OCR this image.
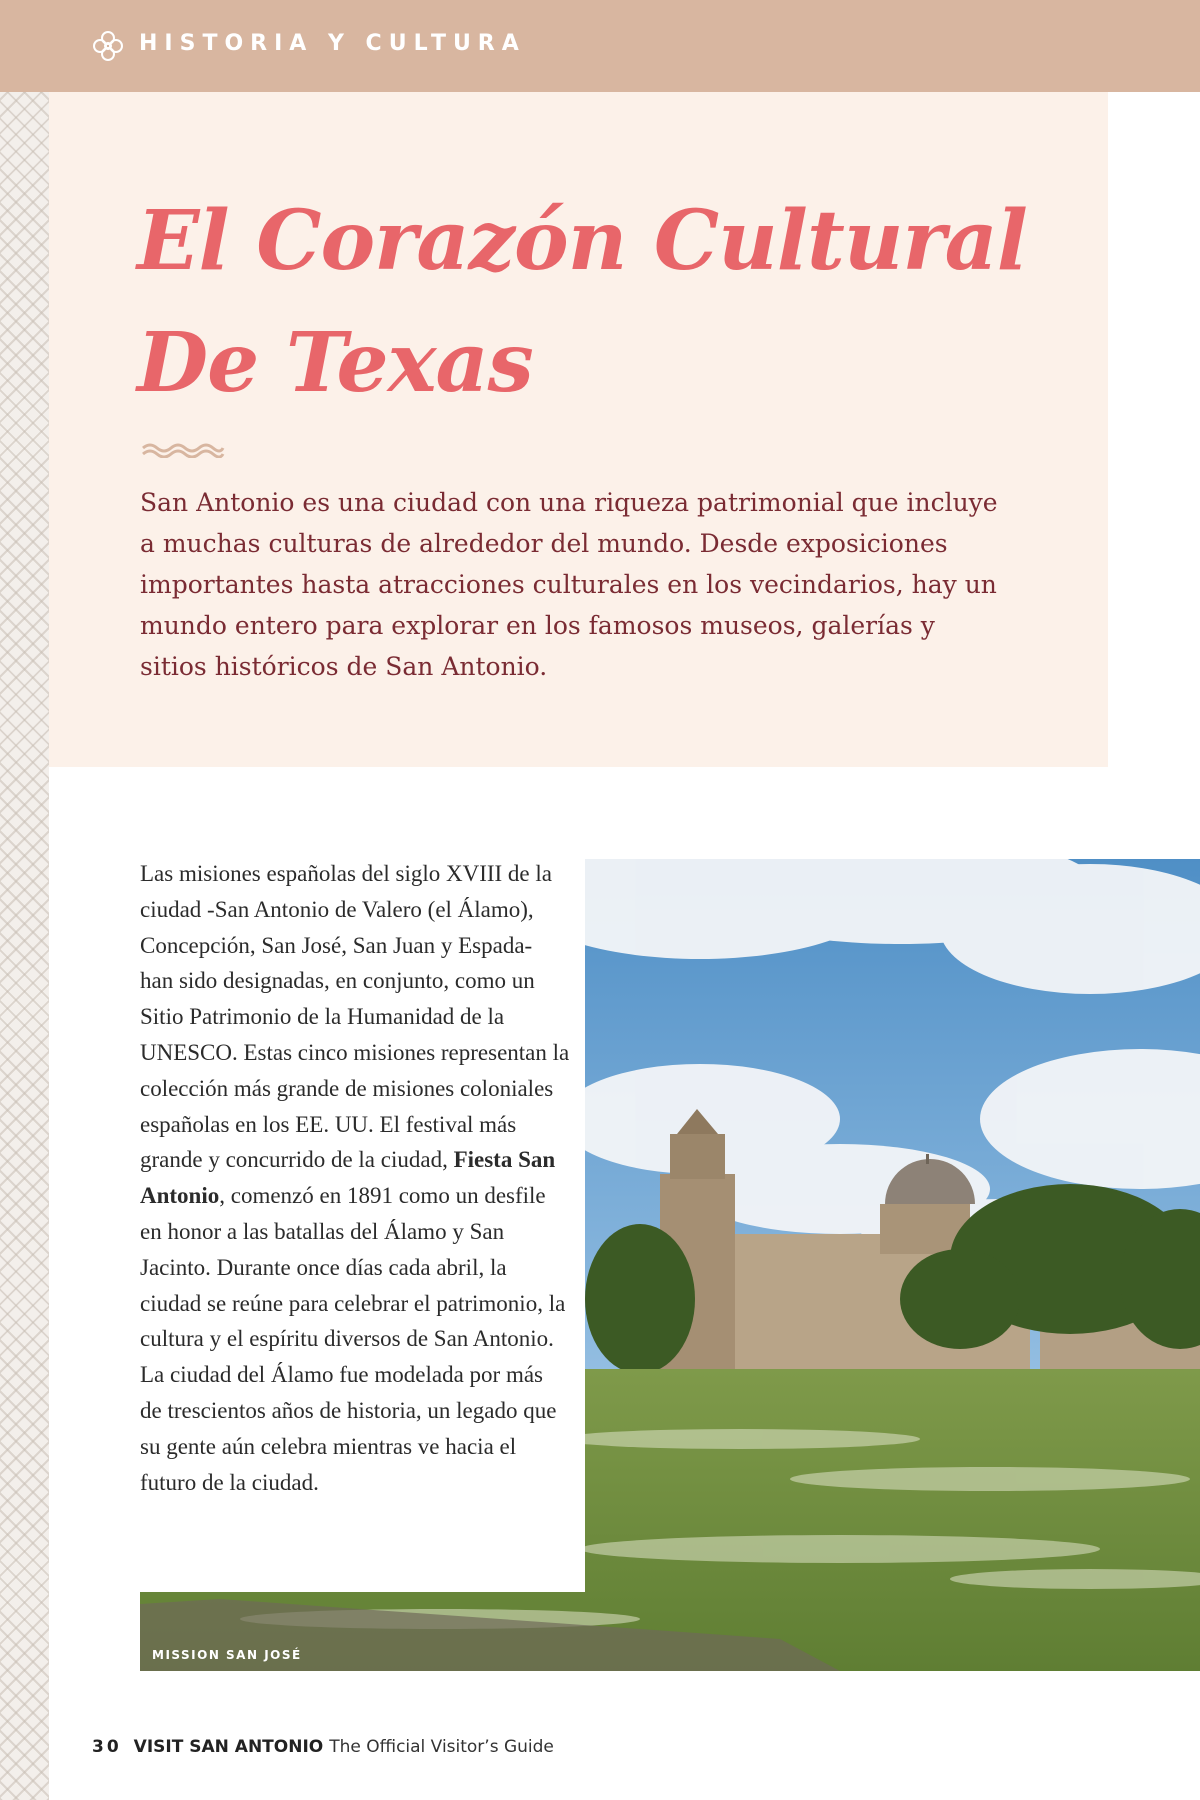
HISTORIA Y CULTURA
El Corazón Cultural
De Texas
San Antonio es una ciudad con una riqueza patrimonial que incluye a muchas culturas de alrededor del mundo. Desde exposiciones importantes hasta atracciones culturales en los vecindarios, hay un mundo entero para explorar en los famosos museos, galerías y sitios históricos de San Antonio.
Las misiones españolas del siglo XVIII de la ciudad -San Antonio de Valero (el Álamo), Concepción, San José, San Juan y Espada- han sido designadas, en conjunto, como un Sitio Patrimonio de la Humanidad de la UNESCO. Estas cinco misiones representan la colección más grande de misiones coloniales españolas en los EE. UU. El festival más grande y concurrido de la ciudad, Fiesta San Antonio, comenzó en 1891 como un desfile en honor a las batallas del Álamo y San Jacinto. Durante once días cada abril, la ciudad se reúne para celebrar el patrimonio, la cultura y el espíritu diversos de San Antonio. La ciudad del Álamo fue modelada por más de trescientos años de historia, un legado que su gente aún celebra mientras ve hacia el futuro de la ciudad.
MISSION SAN JOSÉ
30 VISIT SAN ANTONIO The Official Visitor’s Guide
